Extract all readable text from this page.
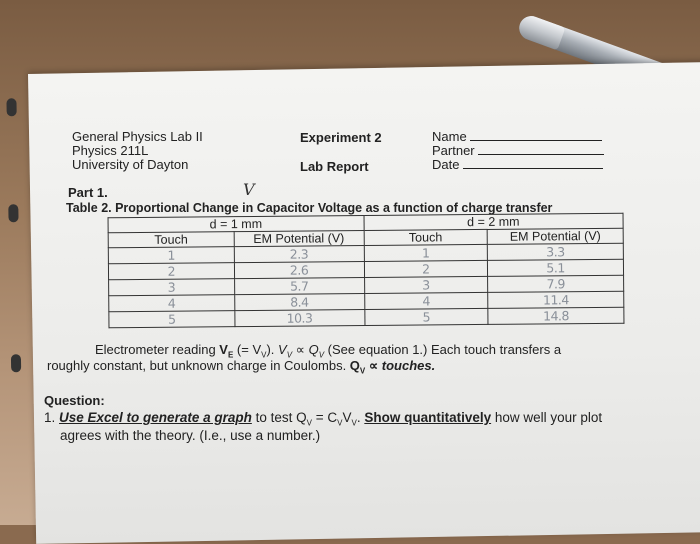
General Physics Lab II
Physics 211L
University of Dayton
Experiment 2
Lab Report
Name
Partner
Date
Part 1.	V
Table 2. Proportional Change in Capacitor Voltage as a function of charge transfer
d = 1 mm		d = 2 mm	
Touch	EM Potential (V)	Touch	EM Potential (V)
1	2.3	1	3.3
2	2.6	2	5.1
3	5.7	3	7.9
4	8.4	4	11.4
5	10.3	5	14.8
Electrometer reading $V_E$ (= $V_V$). $V_V \propto Q_V$ (See equation 1.) Each touch transfers a
roughly constant, but unknown charge in Coulombs. $Q_V$ ∝ touches.
Question:
1. Use Excel to generate a graph to test $Q_V = C_VV_V$. Show quantitatively how well your plot
agrees with the theory. (I.e., use a number.)
